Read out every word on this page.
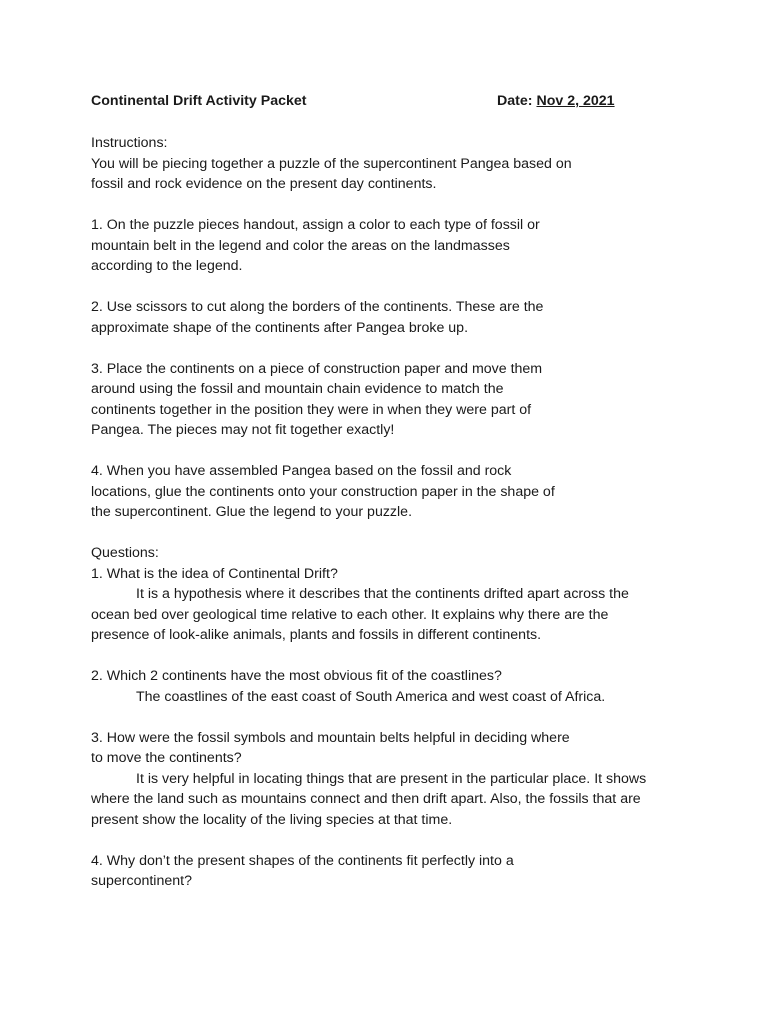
Continental Drift Activity Packet	Date: Nov 2, 2021
Instructions:
You will be piecing together a puzzle of the supercontinent Pangea based on
fossil and rock evidence on the present day continents.
1. On the puzzle pieces handout, assign a color to each type of fossil or
mountain belt in the legend and color the areas on the landmasses
according to the legend.
2. Use scissors to cut along the borders of the continents. These are the
approximate shape of the continents after Pangea broke up.
3. Place the continents on a piece of construction paper and move them
around using the fossil and mountain chain evidence to match the
continents together in the position they were in when they were part of
Pangea. The pieces may not fit together exactly!
4. When you have assembled Pangea based on the fossil and rock
locations, glue the continents onto your construction paper in the shape of
the supercontinent. Glue the legend to your puzzle.
Questions:
1. What is the idea of Continental Drift?
It is a hypothesis where it describes that the continents drifted apart across the
ocean bed over geological time relative to each other. It explains why there are the
presence of look-alike animals, plants and fossils in different continents.
2. Which 2 continents have the most obvious fit of the coastlines?
The coastlines of the east coast of South America and west coast of Africa.
3. How were the fossil symbols and mountain belts helpful in deciding where
to move the continents?
It is very helpful in locating things that are present in the particular place. It shows
where the land such as mountains connect and then drift apart. Also, the fossils that are
present show the locality of the living species at that time.
4. Why don’t the present shapes of the continents fit perfectly into a
supercontinent?
